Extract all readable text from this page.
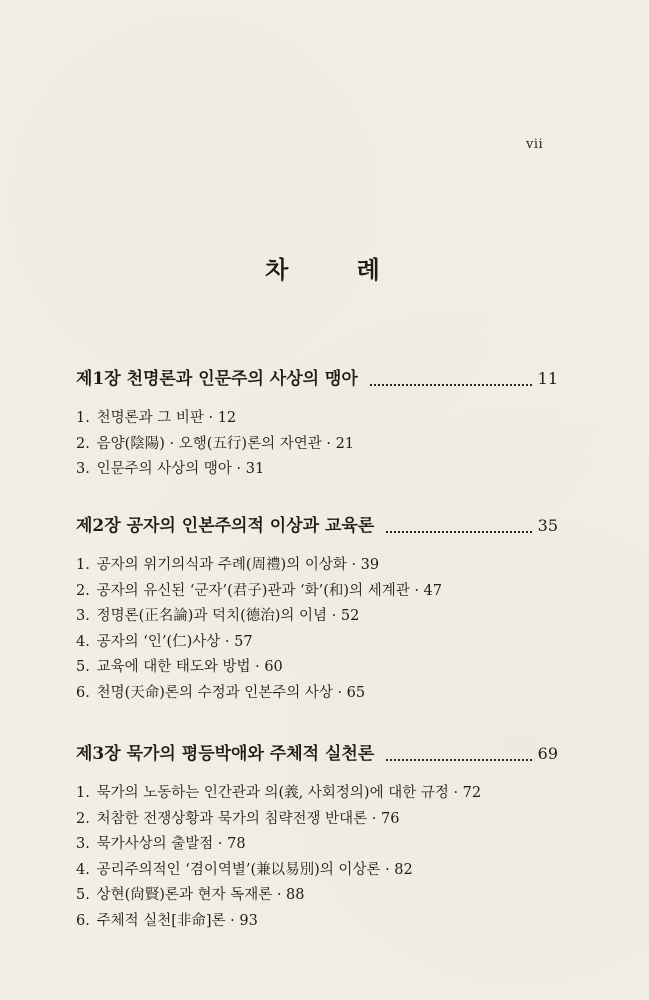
vii
차 례
제1장 천명론과 인문주의 사상의 맹아	11
1. 천명론과 그 비판 · 12
2. 음양(陰陽) · 오행(五行)론의 자연관 · 21
3. 인문주의 사상의 맹아 · 31
제2장 공자의 인본주의적 이상과 교육론	35
1. 공자의 위기의식과 주례(周禮)의 이상화 · 39
2. 공자의 유신된 ‘군자’(君子)관과 ‘화’(和)의 세계관 · 47
3. 정명론(正名論)과 덕치(德治)의 이념 · 52
4. 공자의 ‘인’(仁)사상 · 57
5. 교육에 대한 태도와 방법 · 60
6. 천명(天命)론의 수정과 인본주의 사상 · 65
제3장 묵가의 평등박애와 주체적 실천론	69
1. 묵가의 노동하는 인간관과 의(義, 사회정의)에 대한 규정 · 72
2. 처참한 전쟁상황과 묵가의 침략전쟁 반대론 · 76
3. 묵가사상의 출발점 · 78
4. 공리주의적인 ‘겸이역별’(兼以易別)의 이상론 · 82
5. 상현(尙賢)론과 현자 독재론 · 88
6. 주체적 실천[非命]론 · 93
